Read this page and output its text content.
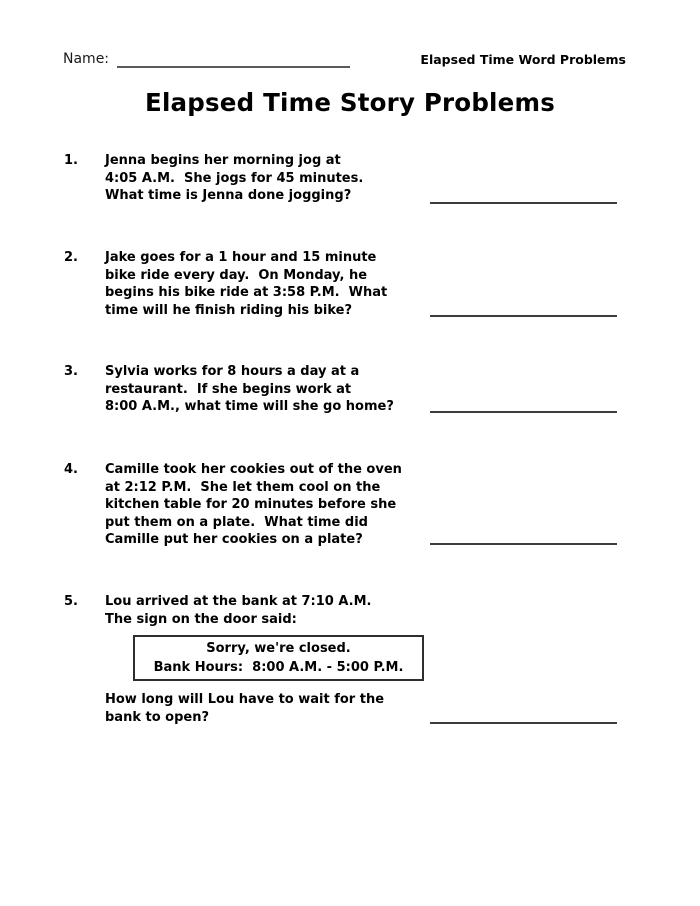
Name:	Elapsed Time Word Problems
Elapsed Time Story Problems
1. Jenna begins her morning jog at
4:05 A.M.  She jogs for 45 minutes.
What time is Jenna done jogging?
2. Jake goes for a 1 hour and 15 minute
bike ride every day.  On Monday, he
begins his bike ride at 3:58 P.M.  What
time will he finish riding his bike?
3. Sylvia works for 8 hours a day at a
restaurant.  If she begins work at
8:00 A.M., what time will she go home?
4. Camille took her cookies out of the oven
at 2:12 P.M.  She let them cool on the
kitchen table for 20 minutes before she
put them on a plate.  What time did
Camille put her cookies on a plate?
5. Lou arrived at the bank at 7:10 A.M.
The sign on the door said:
Sorry, we're closed.
Bank Hours:  8:00 A.M. - 5:00 P.M.
How long will Lou have to wait for the
bank to open?
